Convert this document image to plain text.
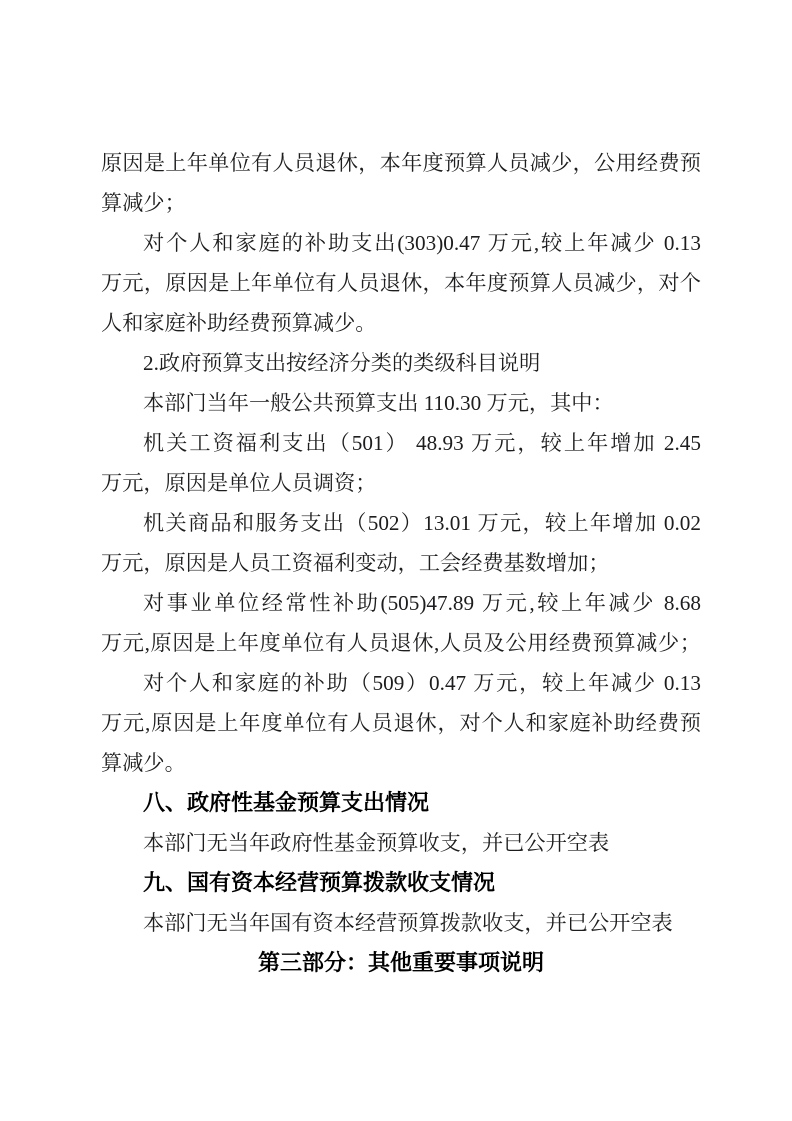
原因是上年单位有人员退休，本年度预算人员减少，公用经费预
算减少；
对个人和家庭的补助支出(303)0.47 万元,较上年减少 0.13
万元，原因是上年单位有人员退休，本年度预算人员减少，对个
人和家庭补助经费预算减少。
2.政府预算支出按经济分类的类级科目说明
本部门当年一般公共预算支出 110.30 万元，其中：
机关工资福利支出（501） 48.93 万元，较上年增加 2.45
万元，原因是单位人员调资；
机关商品和服务支出（502）13.01 万元，较上年增加 0.02
万元，原因是人员工资福利变动，工会经费基数增加；
对事业单位经常性补助(505)47.89 万元,较上年减少 8.68
万元,原因是上年度单位有人员退休,人员及公用经费预算减少；
对个人和家庭的补助（509）0.47 万元，较上年减少 0.13
万元,原因是上年度单位有人员退休，对个人和家庭补助经费预
算减少。
八、政府性基金预算支出情况
本部门无当年政府性基金预算收支，并已公开空表
九、国有资本经营预算拨款收支情况
本部门无当年国有资本经营预算拨款收支，并已公开空表
第三部分：其他重要事项说明
